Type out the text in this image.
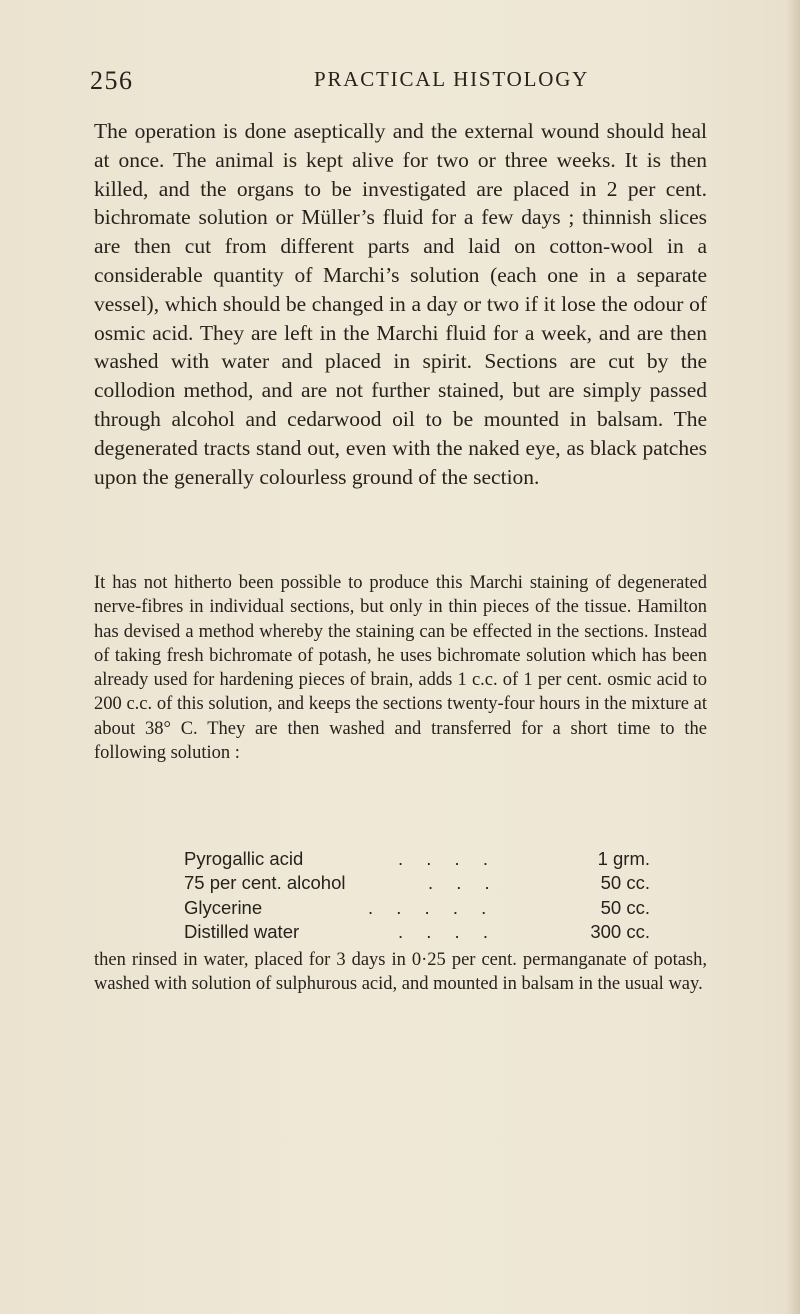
256	PRACTICAL HISTOLOGY

The operation is done aseptically and the external wound should heal at once. The animal is kept alive for two or three weeks. It is then killed, and the organs to be investigated are placed in 2 per cent. bichromate solution or Müller’s fluid for a few days ; thinnish slices are then cut from different parts and laid on cotton-wool in a considerable quantity of Marchi’s solution (each one in a separate vessel), which should be changed in a day or two if it lose the odour of osmic acid. They are left in the Marchi fluid for a week, and are then washed with water and placed in spirit. Sections are cut by the collodion method, and are not further stained, but are simply passed through alcohol and cedarwood oil to be mounted in balsam. The degenerated tracts stand out, even with the naked eye, as black patches upon the generally colourless ground of the section.

It has not hitherto been possible to produce this Marchi staining of degenerated nerve-fibres in individual sections, but only in thin pieces of the tissue. Hamilton has devised a method whereby the staining can be effected in the sections. Instead of taking fresh bichromate of potash, he uses bichromate solution which has been already used for hardening pieces of brain, adds 1 c.c. of 1 per cent. osmic acid to 200 c.c. of this solution, and keeps the sections twenty-four hours in the mixture at about 38° C. They are then washed and transferred for a short time to the following solution :

Pyrogallic acid	. . . .	1 grm.
75 per cent. alcohol	. . .	50 cc.
Glycerine	. . . . .	50 cc.
Distilled water	. . . .	300 cc.

then rinsed in water, placed for 3 days in 0·25 per cent. permanganate of potash, washed with solution of sulphurous acid, and mounted in balsam in the usual way.
